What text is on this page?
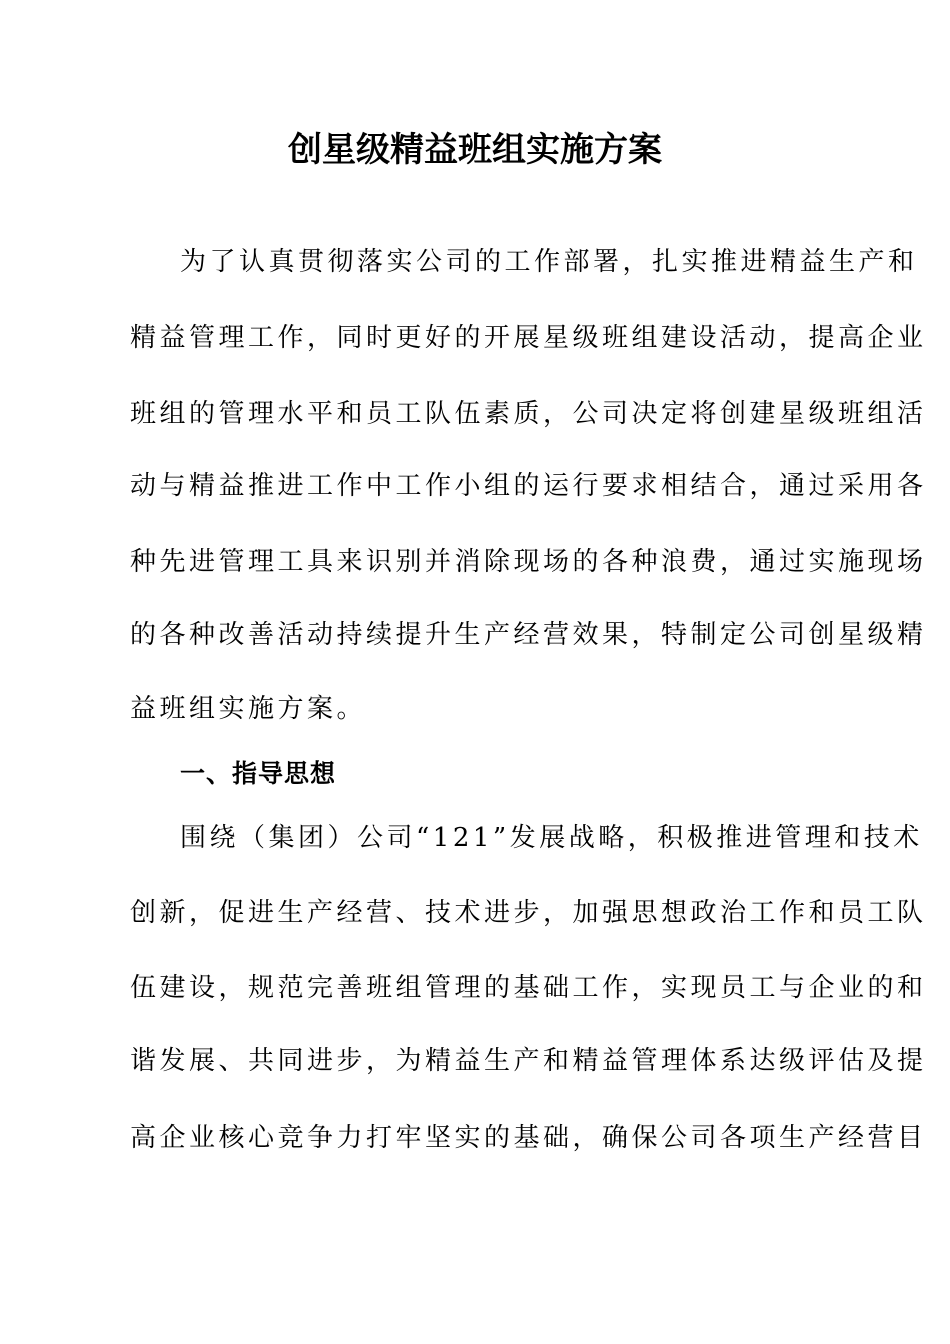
创星级精益班组实施方案
为了认真贯彻落实公司的工作部署，扎实推进精益生产和
精益管理工作，同时更好的开展星级班组建设活动，提高企业
班组的管理水平和员工队伍素质，公司决定将创建星级班组活
动与精益推进工作中工作小组的运行要求相结合，通过采用各
种先进管理工具来识别并消除现场的各种浪费，通过实施现场
的各种改善活动持续提升生产经营效果，特制定公司创星级精
益班组实施方案。
一、指导思想
围绕（集团）公司“121”发展战略，积极推进管理和技术
创新，促进生产经营、技术进步，加强思想政治工作和员工队
伍建设，规范完善班组管理的基础工作，实现员工与企业的和
谐发展、共同进步，为精益生产和精益管理体系达级评估及提
高企业核心竞争力打牢坚实的基础，确保公司各项生产经营目
